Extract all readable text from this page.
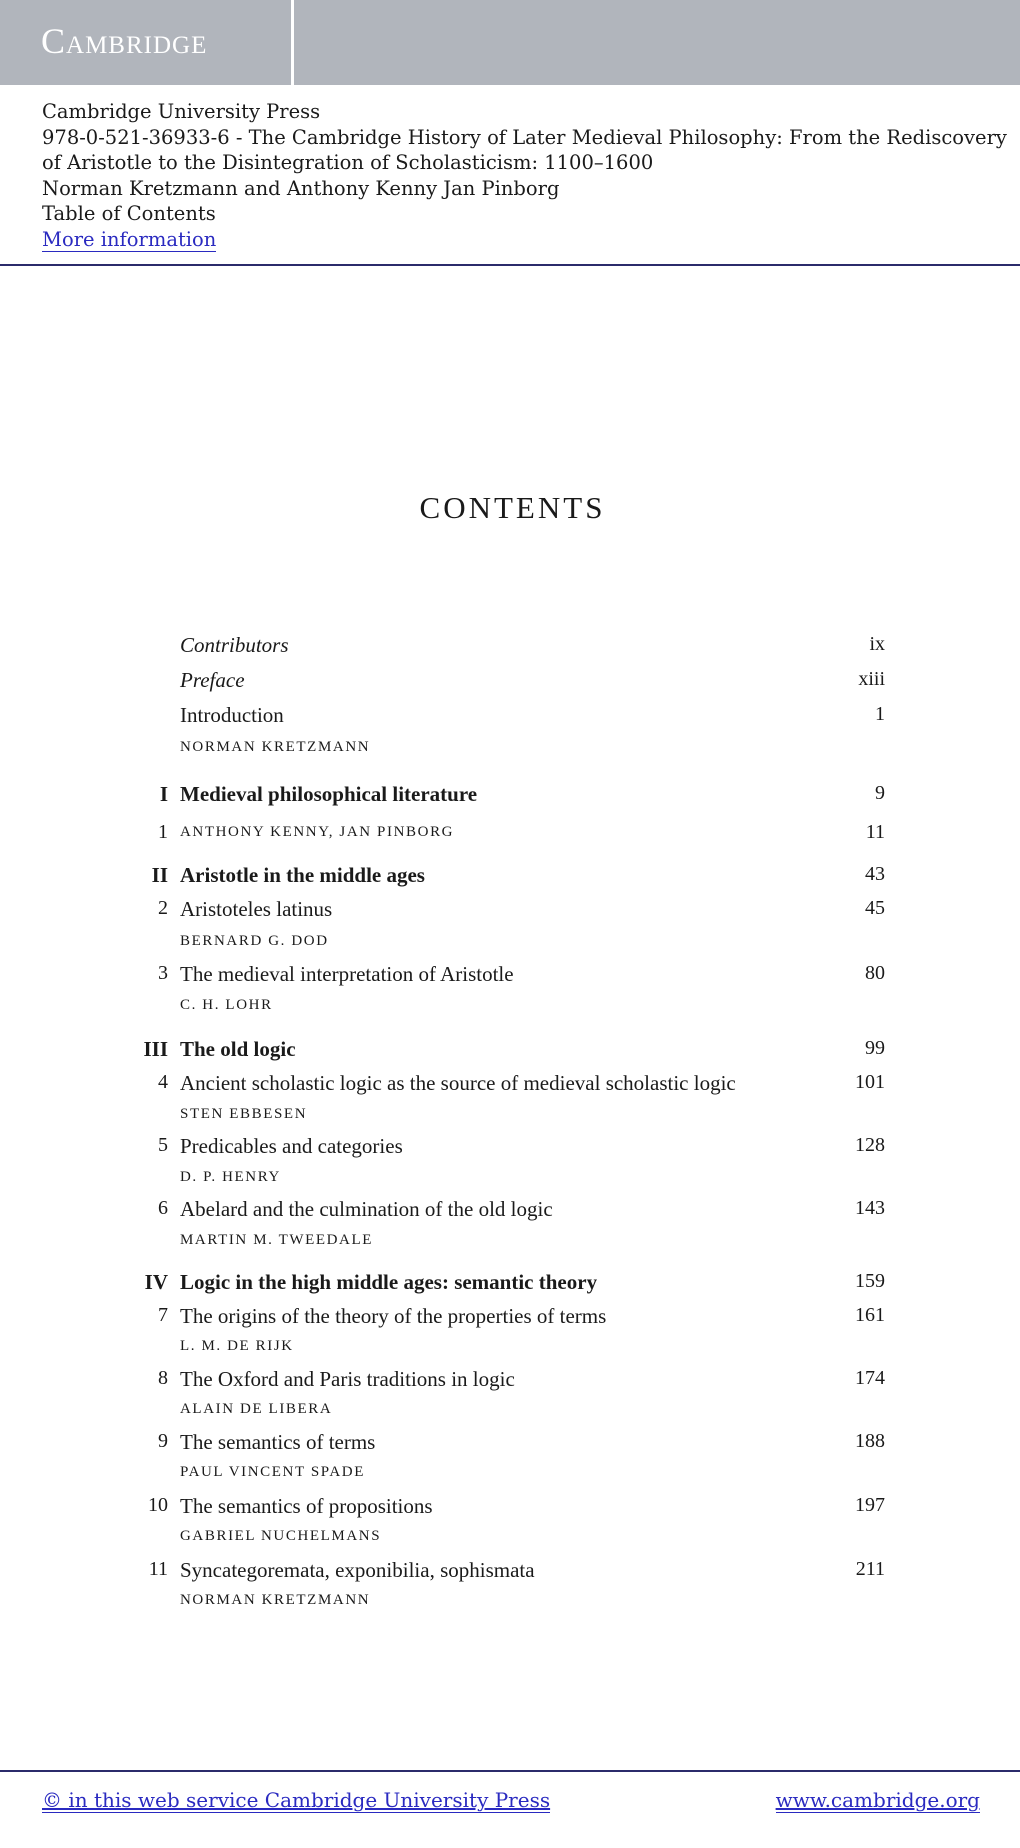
Cambridge
Cambridge University Press
978-0-521-36933-6 - The Cambridge History of Later Medieval Philosophy: From the Rediscovery of Aristotle to the Disintegration of Scholasticism: 1100–1600
Norman Kretzmann and Anthony Kenny Jan Pinborg
Table of Contents
More information
CONTENTS
Contributors	ix
Preface	xiii
Introduction	1
NORMAN KRETZMANN
I Medieval philosophical literature	9
1 ANTHONY KENNY, JAN PINBORG	11
II Aristotle in the middle ages	43
2 Aristoteles latinus	45
BERNARD G. DOD
3 The medieval interpretation of Aristotle	80
C. H. LOHR
III The old logic	99
4 Ancient scholastic logic as the source of medieval scholastic logic	101
STEN EBBESEN
5 Predicables and categories	128
D. P. HENRY
6 Abelard and the culmination of the old logic	143
MARTIN M. TWEEDALE
IV Logic in the high middle ages: semantic theory	159
7 The origins of the theory of the properties of terms	161
L. M. DE RIJK
8 The Oxford and Paris traditions in logic	174
ALAIN DE LIBERA
9 The semantics of terms	188
PAUL VINCENT SPADE
10 The semantics of propositions	197
GABRIEL NUCHELMANS
11 Syncategoremata, exponibilia, sophismata	211
NORMAN KRETZMANN
© in this web service Cambridge University Press	www.cambridge.org
